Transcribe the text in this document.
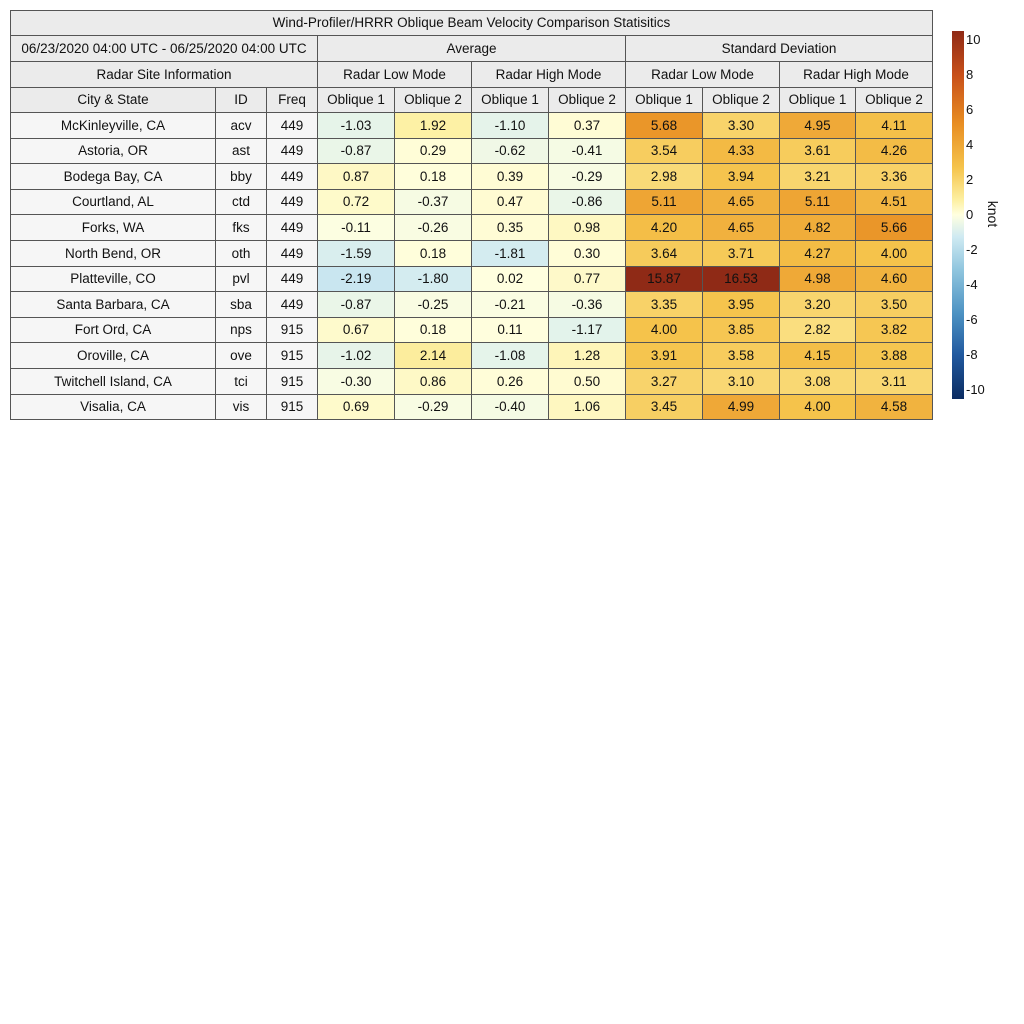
Wind-Profiler/HRRR Oblique Beam Velocity Comparison Statisitics
06/23/2020 04:00 UTC - 06/25/2020 04:00 UTC	Average	Standard Deviation
Radar Site Information	Radar Low Mode	Radar High Mode	Radar Low Mode	Radar High Mode
City & State	ID	Freq	Oblique 1	Oblique 2	Oblique 1	Oblique 2	Oblique 1	Oblique 2	Oblique 1	Oblique 2
McKinleyville, CA	acv	449	-1.03	1.92	-1.10	0.37	5.68	3.30	4.95	4.11
Astoria, OR	ast	449	-0.87	0.29	-0.62	-0.41	3.54	4.33	3.61	4.26
Bodega Bay, CA	bby	449	0.87	0.18	0.39	-0.29	2.98	3.94	3.21	3.36
Courtland, AL	ctd	449	0.72	-0.37	0.47	-0.86	5.11	4.65	5.11	4.51
Forks, WA	fks	449	-0.11	-0.26	0.35	0.98	4.20	4.65	4.82	5.66
North Bend, OR	oth	449	-1.59	0.18	-1.81	0.30	3.64	3.71	4.27	4.00
Platteville, CO	pvl	449	-2.19	-1.80	0.02	0.77	15.87	16.53	4.98	4.60
Santa Barbara, CA	sba	449	-0.87	-0.25	-0.21	-0.36	3.35	3.95	3.20	3.50
Fort Ord, CA	nps	915	0.67	0.18	0.11	-1.17	4.00	3.85	2.82	3.82
Oroville, CA	ove	915	-1.02	2.14	-1.08	1.28	3.91	3.58	4.15	3.88
Twitchell Island, CA	tci	915	-0.30	0.86	0.26	0.50	3.27	3.10	3.08	3.11
Visalia, CA	vis	915	0.69	-0.29	-0.40	1.06	3.45	4.99	4.00	4.58
10
8
6
4
2
0
-2
-4
-6
-8
-10
knot
